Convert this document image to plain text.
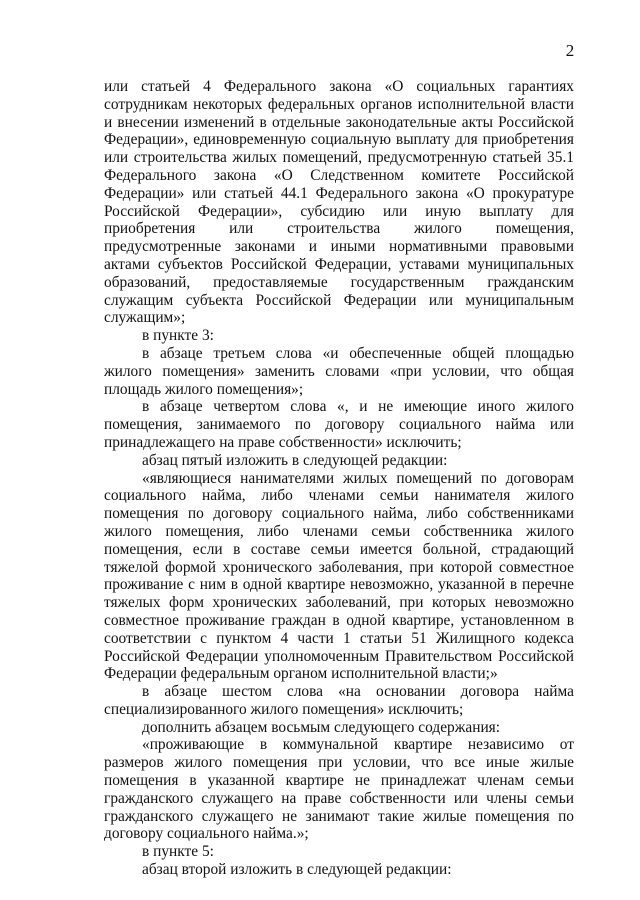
2

или статьей 4 Федерального закона «О социальных гарантиях сотрудникам некоторых федеральных органов исполнительной власти и внесении изменений в отдельные законодательные акты Российской Федерации», единовременную социальную выплату для приобретения или строительства жилых помещений, предусмотренную статьей 35.1 Федерального закона «О Следственном комитете Российской Федерации» или статьей 44.1 Федерального закона «О прокуратуре Российской Федерации», субсидию или иную выплату для приобретения или строительства жилого помещения, предусмотренные законами и иными нормативными правовыми актами субъектов Российской Федерации, уставами муниципальных образований, предоставляемые государственным гражданским служащим субъекта Российской Федерации или муниципальным служащим»;

в пункте 3:

в абзаце третьем слова «и обеспеченные общей площадью жилого помещения» заменить словами «при условии, что общая площадь жилого помещения»;

в абзаце четвертом слова «, и не имеющие иного жилого помещения, занимаемого по договору социального найма или принадлежащего на праве собственности» исключить;

абзац пятый изложить в следующей редакции:

«являющиеся нанимателями жилых помещений по договорам социального найма, либо членами семьи нанимателя жилого помещения по договору социального найма, либо собственниками жилого помещения, либо членами семьи собственника жилого помещения, если в составе семьи имеется больной, страдающий тяжелой формой хронического заболевания, при которой совместное проживание с ним в одной квартире невозможно, указанной в перечне тяжелых форм хронических заболеваний, при которых невозможно совместное проживание граждан в одной квартире, установленном в соответствии с пунктом 4 части 1 статьи 51 Жилищного кодекса Российской Федерации уполномоченным Правительством Российской Федерации федеральным органом исполнительной власти;»

в абзаце шестом слова «на основании договора найма специализированного жилого помещения» исключить;

дополнить абзацем восьмым следующего содержания:

«проживающие в коммунальной квартире независимо от размеров жилого помещения при условии, что все иные жилые помещения в указанной квартире не принадлежат членам семьи гражданского служащего на праве собственности или члены семьи гражданского служащего не занимают такие жилые помещения по договору социального найма.»;

в пункте 5:

абзац второй изложить в следующей редакции:
